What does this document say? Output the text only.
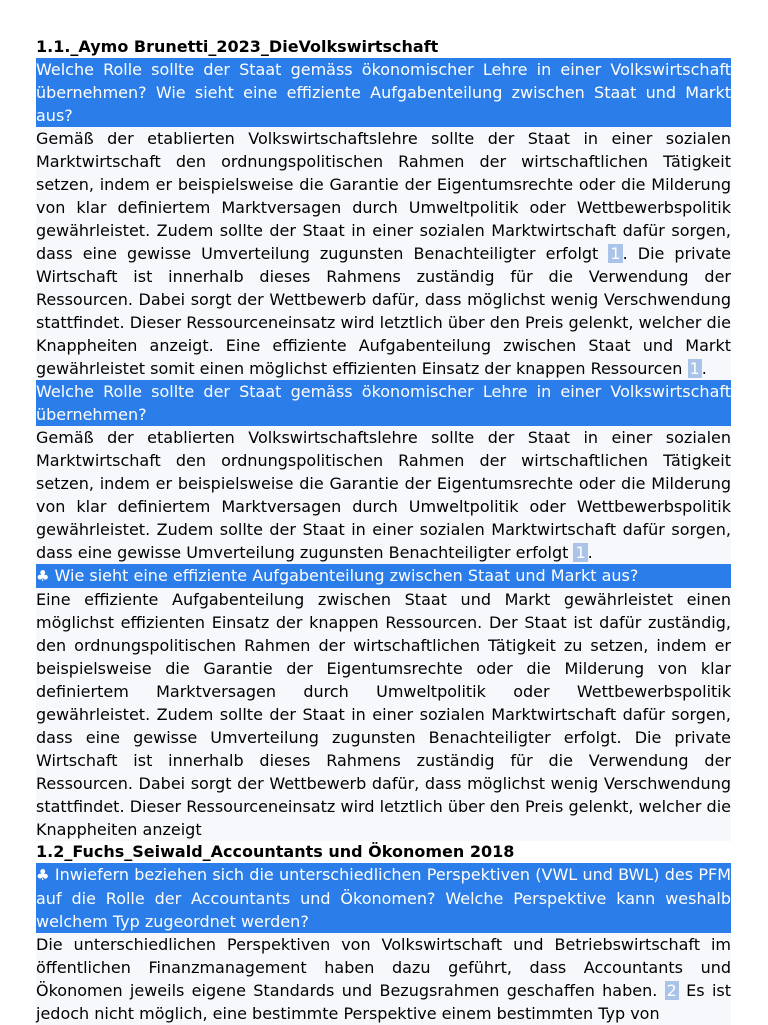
1.1._Aymo Brunetti_2023_DieVolkswirtschaft
Welche Rolle sollte der Staat gemäss ökonomischer Lehre in einer Volkswirtschaft übernehmen? Wie sieht eine effiziente Aufgabenteilung zwischen Staat und Markt aus?
Gemäß der etablierten Volkswirtschaftslehre sollte der Staat in einer sozialen Marktwirtschaft den ordnungspolitischen Rahmen der wirtschaftlichen Tätigkeit setzen, indem er beispielsweise die Garantie der Eigentumsrechte oder die Milderung von klar definiertem Marktversagen durch Umweltpolitik oder Wettbewerbspolitik gewährleistet. Zudem sollte der Staat in einer sozialen Marktwirtschaft dafür sorgen, dass eine gewisse Umverteilung zugunsten Benachteiligter erfolgt 1 . Die private Wirtschaft ist innerhalb dieses Rahmens zuständig für die Verwendung der Ressourcen. Dabei sorgt der Wettbewerb dafür, dass möglichst wenig Verschwendung stattfindet. Dieser Ressourceneinsatz wird letztlich über den Preis gelenkt, welcher die Knappheiten anzeigt. Eine effiziente Aufgabenteilung zwischen Staat und Markt gewährleistet somit einen möglichst effizienten Einsatz der knappen Ressourcen 1 .
Welche Rolle sollte der Staat gemäss ökonomischer Lehre in einer Volkswirtschaft übernehmen?
Gemäß der etablierten Volkswirtschaftslehre sollte der Staat in einer sozialen Marktwirtschaft den ordnungspolitischen Rahmen der wirtschaftlichen Tätigkeit setzen, indem er beispielsweise die Garantie der Eigentumsrechte oder die Milderung von klar definiertem Marktversagen durch Umweltpolitik oder Wettbewerbspolitik gewährleistet. Zudem sollte der Staat in einer sozialen Marktwirtschaft dafür sorgen, dass eine gewisse Umverteilung zugunsten Benachteiligter erfolgt 1 .
♣ Wie sieht eine effiziente Aufgabenteilung zwischen Staat und Markt aus?
Eine effiziente Aufgabenteilung zwischen Staat und Markt gewährleistet einen möglichst effizienten Einsatz der knappen Ressourcen. Der Staat ist dafür zuständig, den ordnungspolitischen Rahmen der wirtschaftlichen Tätigkeit zu setzen, indem er beispielsweise die Garantie der Eigentumsrechte oder die Milderung von klar definiertem Marktversagen durch Umweltpolitik oder Wettbewerbspolitik gewährleistet. Zudem sollte der Staat in einer sozialen Marktwirtschaft dafür sorgen, dass eine gewisse Umverteilung zugunsten Benachteiligter erfolgt. Die private Wirtschaft ist innerhalb dieses Rahmens zuständig für die Verwendung der Ressourcen. Dabei sorgt der Wettbewerb dafür, dass möglichst wenig Verschwendung stattfindet. Dieser Ressourceneinsatz wird letztlich über den Preis gelenkt, welcher die Knappheiten anzeigt
1.2_Fuchs_Seiwald_Accountants und Ökonomen 2018
♣ Inwiefern beziehen sich die unterschiedlichen Perspektiven (VWL und BWL) des PFM auf die Rolle der Accountants und Ökonomen? Welche Perspektive kann weshalb welchem Typ zugeordnet werden?
Die unterschiedlichen Perspektiven von Volkswirtschaft und Betriebswirtschaft im öffentlichen Finanzmanagement haben dazu geführt, dass Accountants und Ökonomen jeweils eigene Standards und Bezugsrahmen geschaffen haben. 2 Es ist jedoch nicht möglich, eine bestimmte Perspektive einem bestimmten Typ von
